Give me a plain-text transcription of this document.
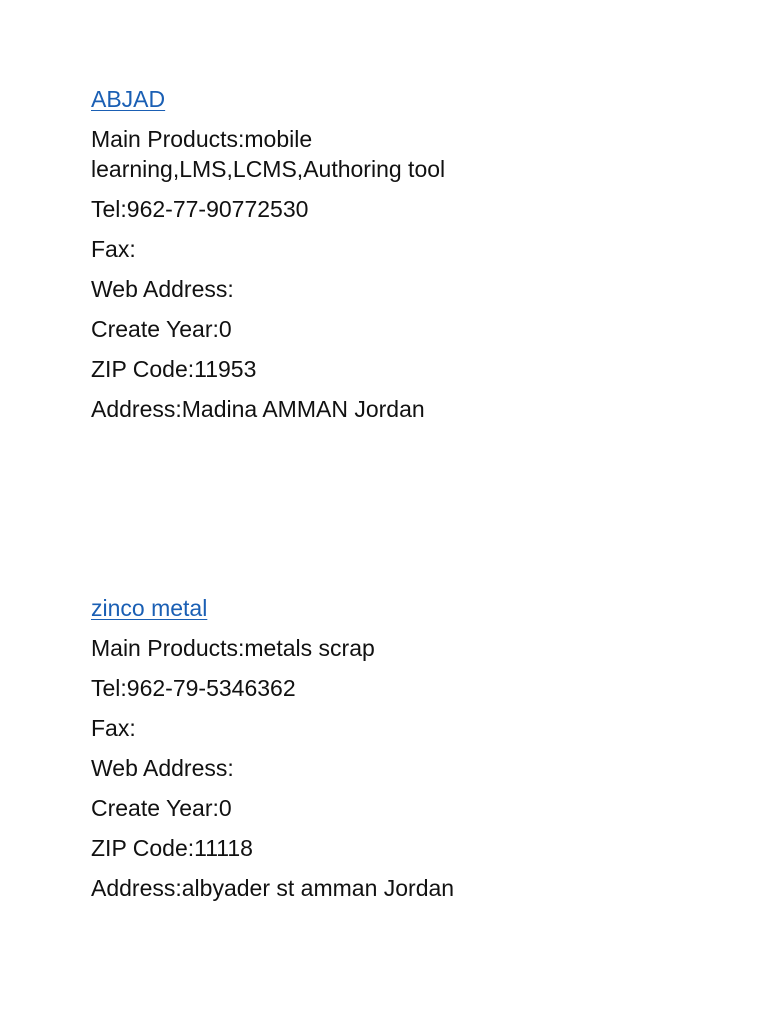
ABJAD
Main Products:mobile learning,LMS,LCMS,Authoring tool
Tel:962-77-90772530
Fax:
Web Address:
Create Year:0
ZIP Code:11953
Address:Madina AMMAN Jordan
zinco metal
Main Products:metals scrap
Tel:962-79-5346362
Fax:
Web Address:
Create Year:0
ZIP Code:11118
Address:albyader st amman Jordan
